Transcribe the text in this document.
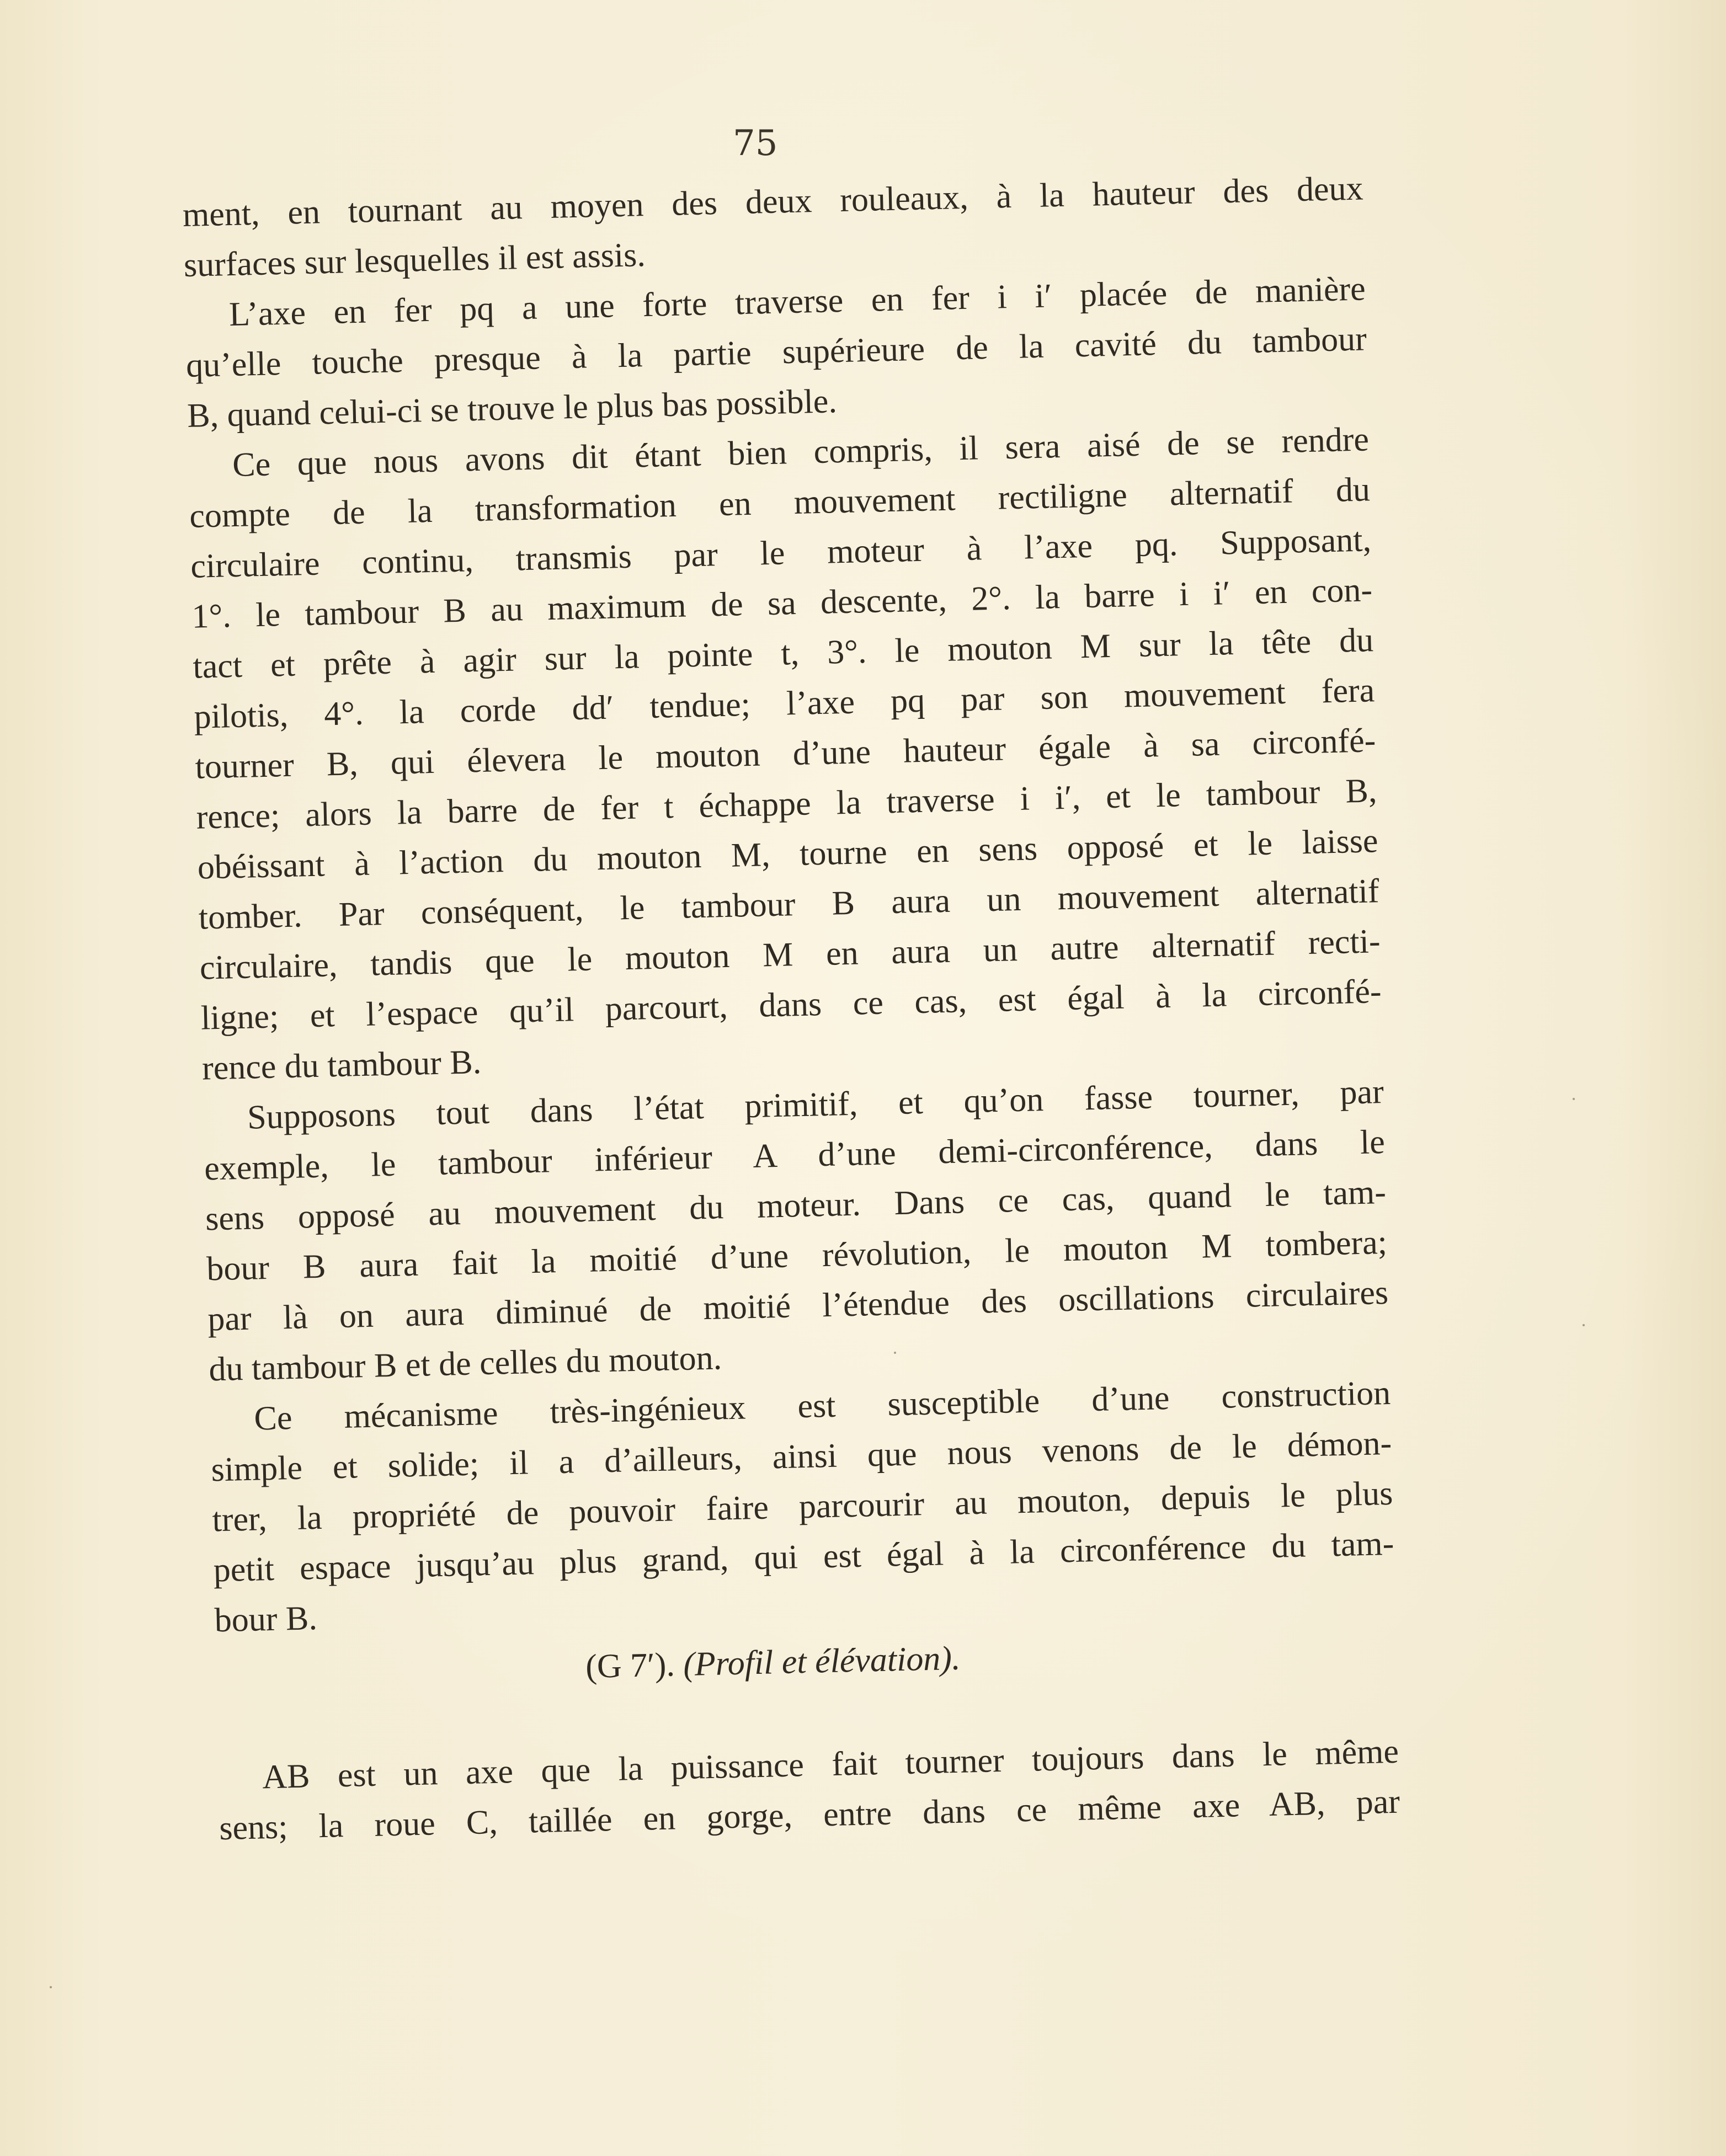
75
ment, en tournant au moyen des deux rouleaux, à la hauteur des deux
surfaces sur lesquelles il est assis.
L’axe en fer pq a une forte traverse en fer i i′ placée de manière
qu’elle touche presque à la partie supérieure de la cavité du tambour
B, quand celui-ci se trouve le plus bas possible.
Ce que nous avons dit étant bien compris, il sera aisé de se rendre
compte de la transformation en mouvement rectiligne alternatif du
circulaire continu, transmis par le moteur à l’axe pq. Supposant,
1°. le tambour B au maximum de sa descente, 2°. la barre i i′ en con-
tact et prête à agir sur la pointe t, 3°. le mouton M sur la tête du
pilotis, 4°. la corde dd′ tendue; l’axe pq par son mouvement fera
tourner B, qui élevera le mouton d’une hauteur égale à sa circonfé-
rence; alors la barre de fer t échappe la traverse i i′, et le tambour B,
obéissant à l’action du mouton M, tourne en sens opposé et le laisse
tomber. Par conséquent, le tambour B aura un mouvement alternatif
circulaire, tandis que le mouton M en aura un autre alternatif recti-
ligne; et l’espace qu’il parcourt, dans ce cas, est égal à la circonfé-
rence du tambour B.
Supposons tout dans l’état primitif, et qu’on fasse tourner, par
exemple, le tambour inférieur A d’une demi-circonférence, dans le
sens opposé au mouvement du moteur. Dans ce cas, quand le tam-
bour B aura fait la moitié d’une révolution, le mouton M tombera;
par là on aura diminué de moitié l’étendue des oscillations circulaires
du tambour B et de celles du mouton.
Ce mécanisme très-ingénieux est susceptible d’une construction
simple et solide; il a d’ailleurs, ainsi que nous venons de le démon-
trer, la propriété de pouvoir faire parcourir au mouton, depuis le plus
petit espace jusqu’au plus grand, qui est égal à la circonférence du tam-
bour B.
(G 7′). (Profil et élévation).
AB est un axe que la puissance fait tourner toujours dans le même
sens; la roue C, taillée en gorge, entre dans ce même axe AB, par
